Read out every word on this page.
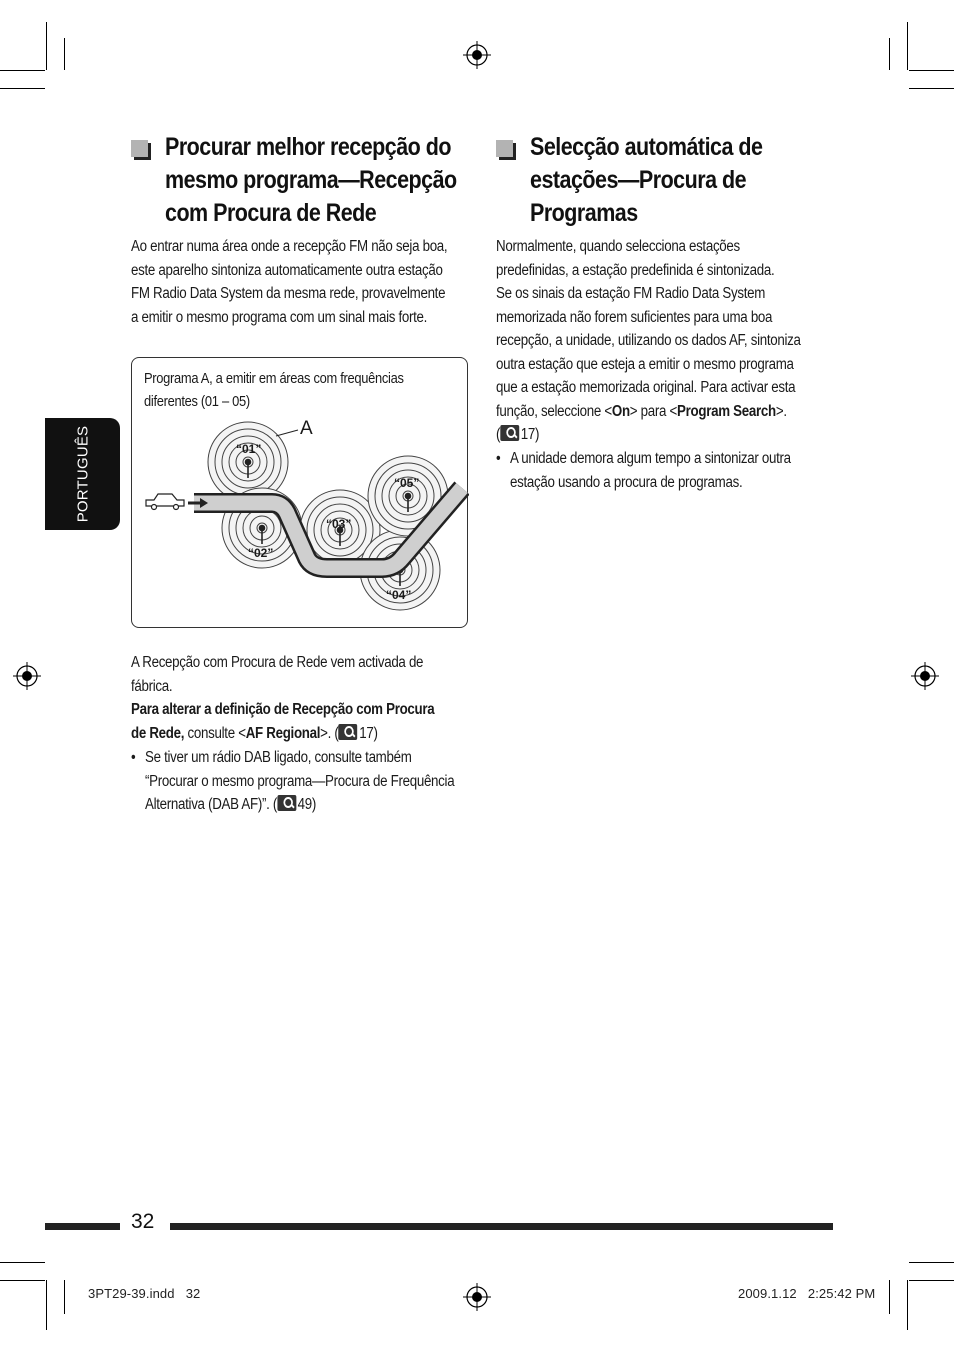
PORTUGUÊS
Procurar melhor recepção do
mesmo programa—Recepção
com Procura de Rede
Ao entrar numa área onde a recepção FM não seja boa,
este aparelho sintoniza automaticamente outra estação
FM Radio Data System da mesma rede, provavelmente
a emitir o mesmo programa com um sinal mais forte.
Programa A, a emitir em áreas com frequências
diferentes (01 – 05)
A
“01”
“02”
“03”
“04”
“05”
A Recepção com Procura de Rede vem activada de
fábrica.
Para alterar a definição de Recepção com Procura
de Rede, consulte <AF Regional>. ( 17)
• Se tiver um rádio DAB ligado, consulte também
“Procurar o mesmo programa—Procura de Frequência
Alternativa (DAB AF)”. ( 49)
Selecção automática de
estações—Procura de
Programas
Normalmente, quando selecciona estações
predefinidas, a estação predefinida é sintonizada.
Se os sinais da estação FM Radio Data System
memorizada não forem suficientes para uma boa
recepção, a unidade, utilizando os dados AF, sintoniza
outra estação que esteja a emitir o mesmo programa
que a estação memorizada original. Para activar esta
função, seleccione <On> para <Program Search>.
( 17)
• A unidade demora algum tempo a sintonizar outra
estação usando a procura de programas.
32
3PT29-39.indd   32	2009.1.12   2:25:42 PM
